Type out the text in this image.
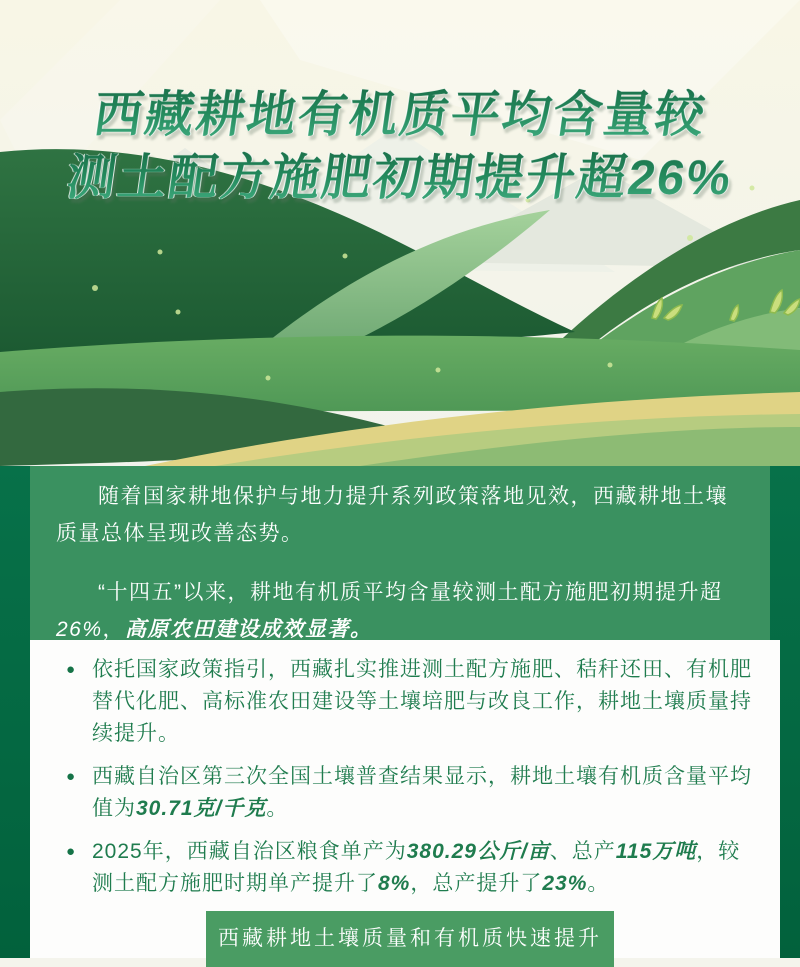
西藏耕地有机质平均含量较
测土配方施肥初期提升超26%

随着国家耕地保护与地力提升系列政策落地见效，西藏耕地土壤质量总体呈现改善态势。

“十四五”以来，耕地有机质平均含量较测土配方施肥初期提升超26%，高原农田建设成效显著。

● 依托国家政策指引，西藏扎实推进测土配方施肥、秸秆还田、有机肥替代化肥、高标准农田建设等土壤培肥与改良工作，耕地土壤质量持续提升。
● 西藏自治区第三次全国土壤普查结果显示，耕地土壤有机质含量平均值为30.71克/千克。
● 2025年，西藏自治区粮食单产为380.29公斤/亩、总产115万吨，较测土配方施肥时期单产提升了8%，总产提升了23%。
西藏耕地土壤质量和有机质快速提升
